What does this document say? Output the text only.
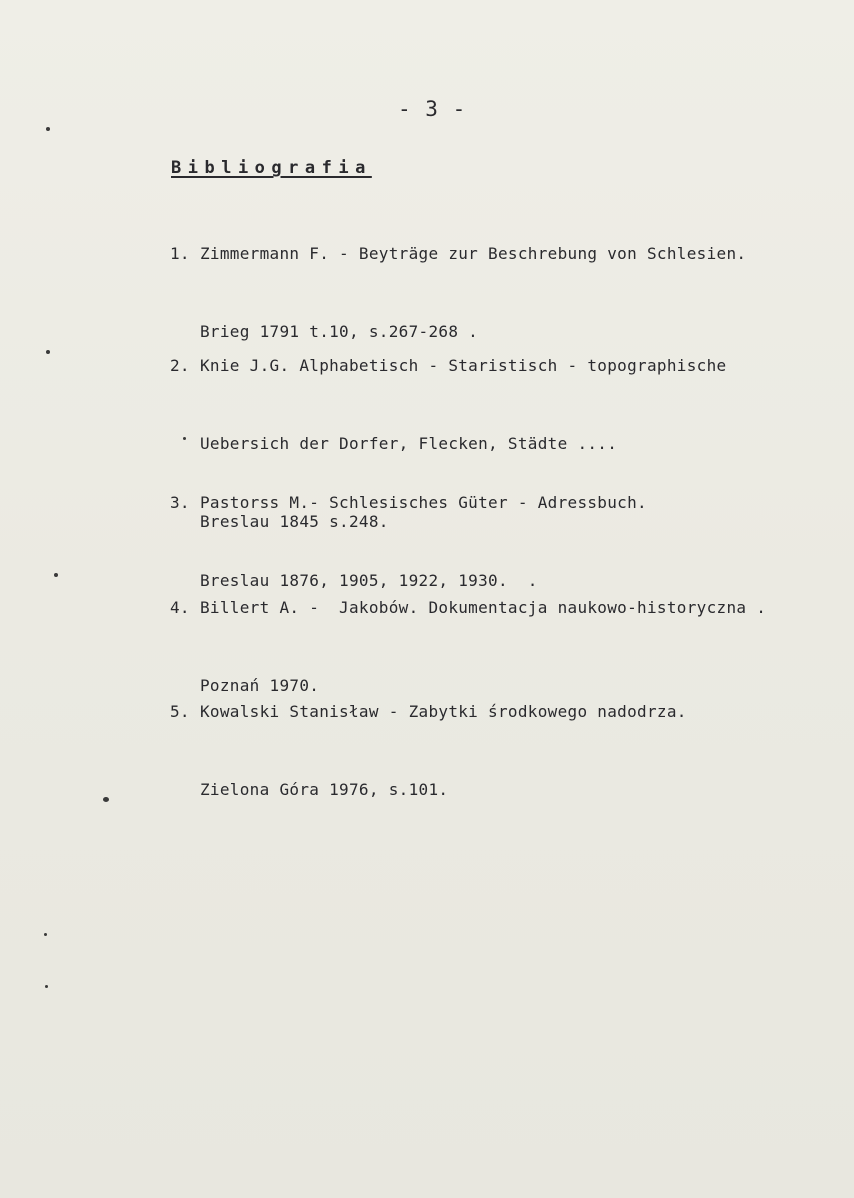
- 3 -
Bibliografia

1. Zimmermann F. - Beyträge zur Beschrebung von Schlesien.

Brieg 1791 t.10, s.267-268 .

2. Knie J.G. Alphabetisch - Staristisch - topographische

Uebersich der Dorfer, Flecken, Städte ....

Breslau 1845 s.248.

3. Pastorss M.- Schlesisches Güter - Adressbuch.

Breslau 1876, 1905, 1922, 1930.  .

4. Billert A. -  Jakobów. Dokumentacja naukowo-historyczna .

Poznań 1970.

5. Kowalski Stanisław - Zabytki środkowego nadodrza.

Zielona Góra 1976, s.101.
